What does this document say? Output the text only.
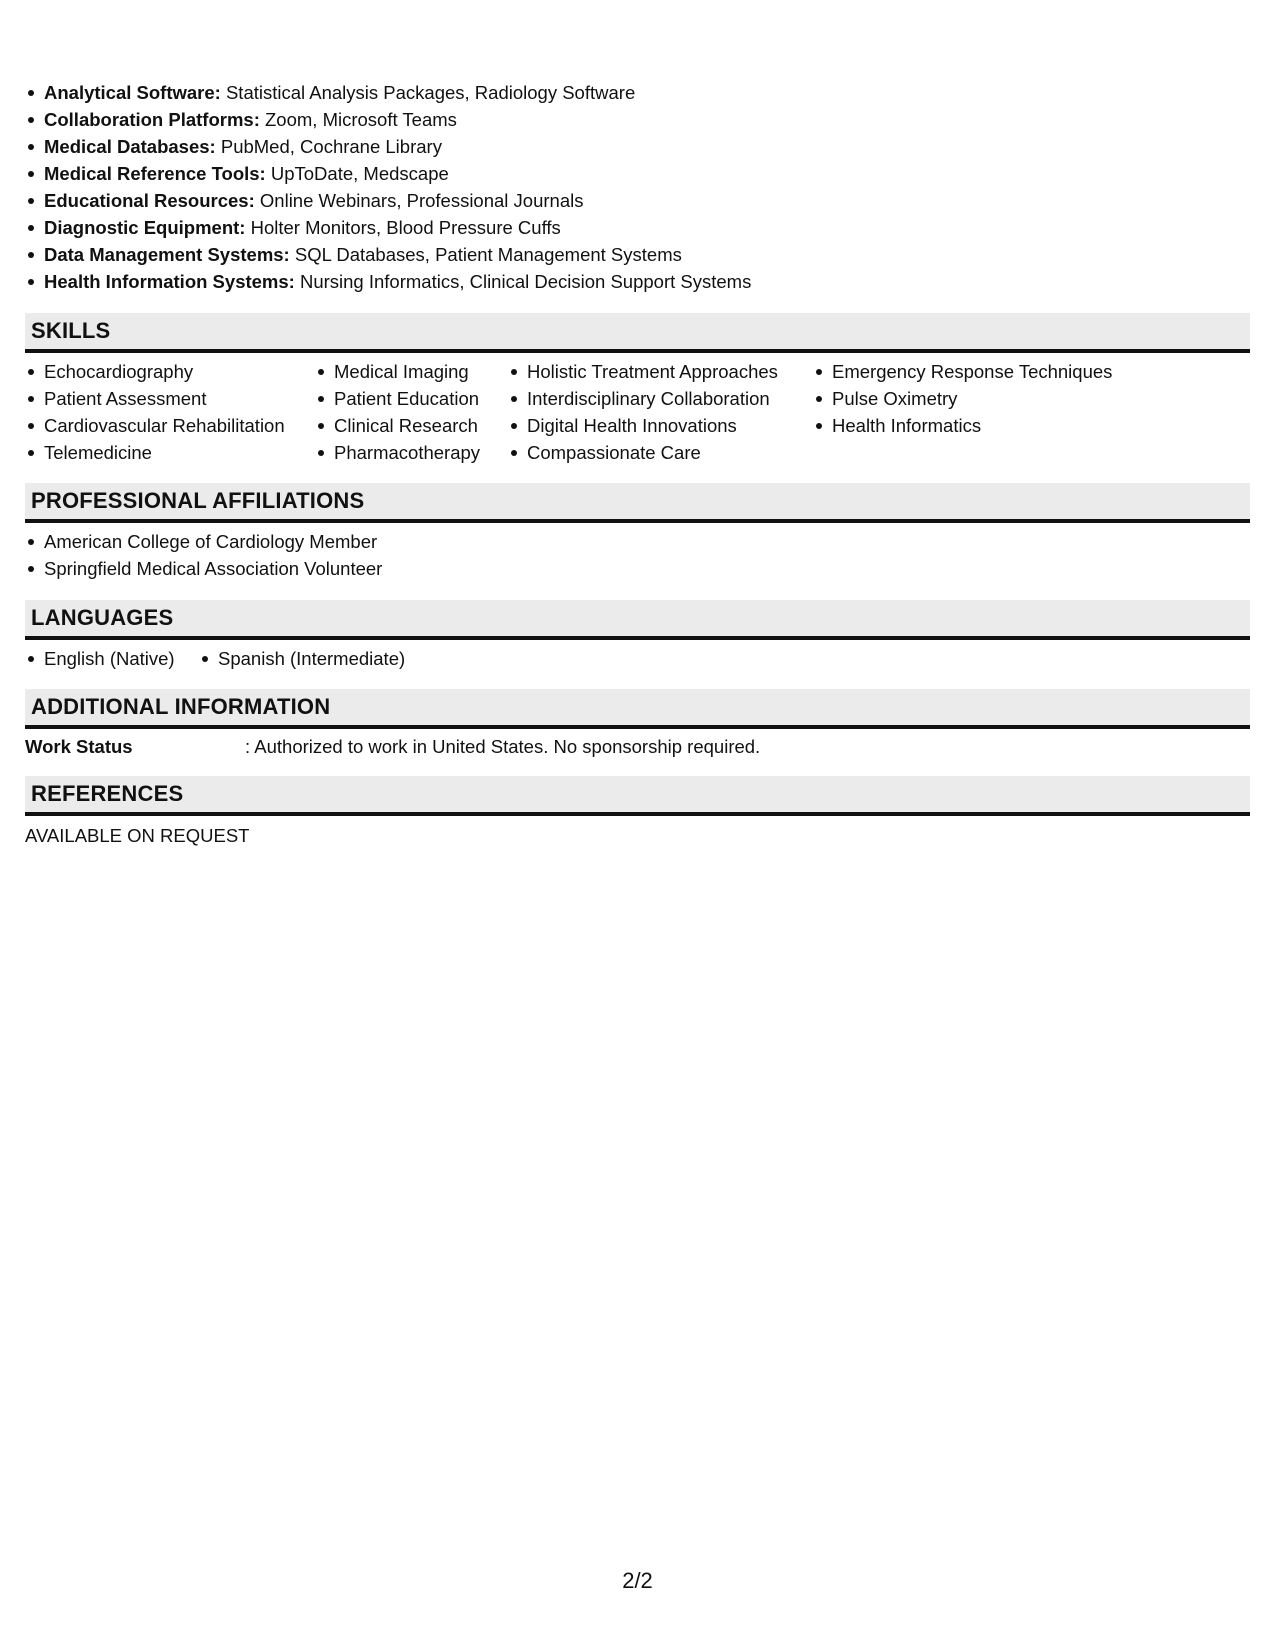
Analytical Software: Statistical Analysis Packages, Radiology Software
Collaboration Platforms: Zoom, Microsoft Teams
Medical Databases: PubMed, Cochrane Library
Medical Reference Tools: UpToDate, Medscape
Educational Resources: Online Webinars, Professional Journals
Diagnostic Equipment: Holter Monitors, Blood Pressure Cuffs
Data Management Systems: SQL Databases, Patient Management Systems
Health Information Systems: Nursing Informatics, Clinical Decision Support Systems
SKILLS
Echocardiography
Patient Assessment
Cardiovascular Rehabilitation
Telemedicine
Medical Imaging
Patient Education
Clinical Research
Pharmacotherapy
Holistic Treatment Approaches
Interdisciplinary Collaboration
Digital Health Innovations
Compassionate Care
Emergency Response Techniques
Pulse Oximetry
Health Informatics
PROFESSIONAL AFFILIATIONS
American College of Cardiology Member
Springfield Medical Association Volunteer
LANGUAGES
English (Native)	Spanish (Intermediate)
ADDITIONAL INFORMATION
Work Status	: Authorized to work in United States. No sponsorship required.
REFERENCES
AVAILABLE ON REQUEST
2/2
